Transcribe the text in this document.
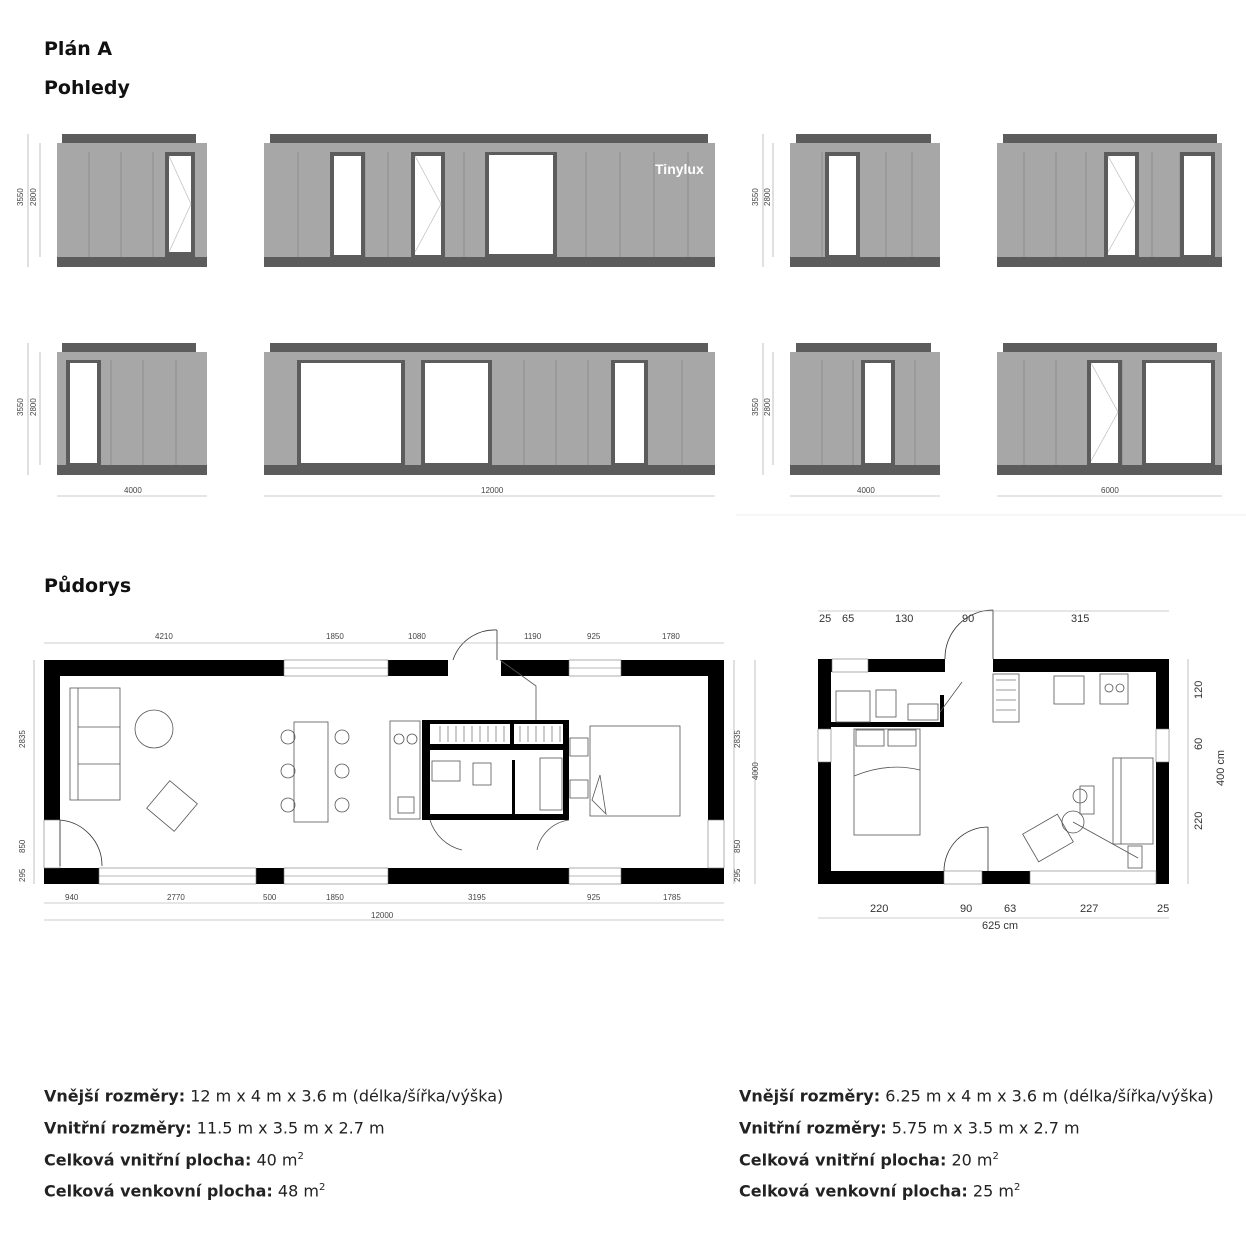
Plán A
Pohledy
Půdorys
Tinylux
3550 2800	3550 2800
3550 2800	3550 2800
4000	12000	4000	6000
4210	1850	1080	1190	925	1780
940	2770	500	1850	3195	925	1785
12000
2835
850
295
2835
4000
850
295
25 65	130	90	315
220	90	63	227	25
625 cm
120
60
220
400 cm
Vnější rozměry: 12 m x 4 m x 3.6 m (délka/šířka/výška)
Vnitřní rozměry: 11.5 m x 3.5 m x 2.7 m
Celková vnitřní plocha: 40 $m^2$
Celková venkovní plocha: 48 $m^2$
Vnější rozměry: 6.25 m x 4 m x 3.6 m (délka/šířka/výška)
Vnitřní rozměry: 5.75 m x 3.5 m x 2.7 m
Celková vnitřní plocha: 20 $m^2$
Celková venkovní plocha: 25 $m^2$
